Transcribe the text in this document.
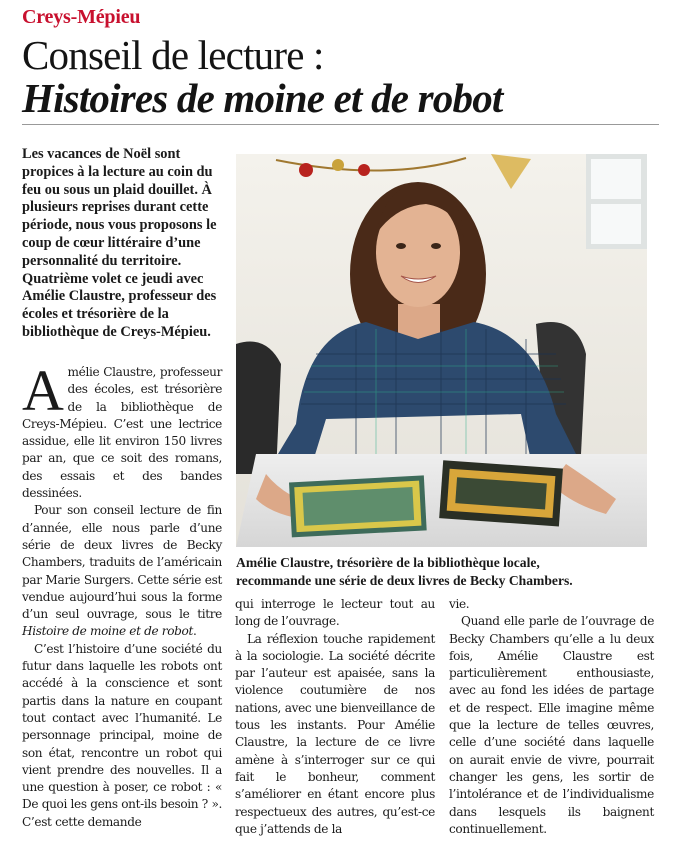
Creys-Mépieu
Conseil de lecture :
Histoires de moine et de robot
Les vacances de Noël sont propices à la lecture au coin du feu ou sous un plaid douillet. À plusieurs reprises durant cette période, nous vous proposons le coup de cœur littéraire d’une personnalité du territoire. Quatrième volet ce jeudi avec Amélie Claustre, professeur des écoles et trésorière de la bibliothèque de Creys-Mépieu.
Amélie Claustre, trésorière de la bibliothèque locale,
recommande une série de deux livres de Becky Chambers.

Amélie Claustre, professeur des écoles, est trésorière de la bibliothèque de Creys-Mépieu. C’est une lectrice assidue, elle lit environ 150 livres par an, que ce soit des romans, des essais et des bandes dessinées.

Pour son conseil lecture de fin d’année, elle nous parle d’une série de deux livres de Becky Chambers, traduits de l’américain par Marie Surgers. Cette série est vendue aujourd’hui sous la forme d’un seul ouvrage, sous le titre Histoire de moine et de robot.

C’est l’histoire d’une société du futur dans laquelle les robots ont accédé à la conscience et sont partis dans la nature en coupant tout contact avec l’humanité. Le personnage principal, moine de son état, rencontre un robot qui vient prendre des nouvelles. Il a une question à poser, ce robot : « De quoi les gens ont-ils besoin ? ». C’est cette demande

qui interroge le lecteur tout au long de l’ouvrage.

La réflexion touche rapidement à la sociologie. La société décrite par l’auteur est apaisée, sans la violence coutumière de nos nations, avec une bienveillance de tous les instants. Pour Amélie Claustre, la lecture de ce livre amène à s’interroger sur ce qui fait le bonheur, comment s’améliorer en étant encore plus respectueux des autres, qu’est-ce que j’attends de la

vie.

Quand elle parle de l’ouvrage de Becky Chambers qu’elle a lu deux fois, Amélie Claustre est particulièrement enthousiaste, avec au fond les idées de partage et de respect. Elle imagine même que la lecture de telles œuvres, celle d’une société dans laquelle on aurait envie de vivre, pourrait changer les gens, les sortir de l’intolérance et de l’individualisme dans lesquels ils baignent continuellement.
